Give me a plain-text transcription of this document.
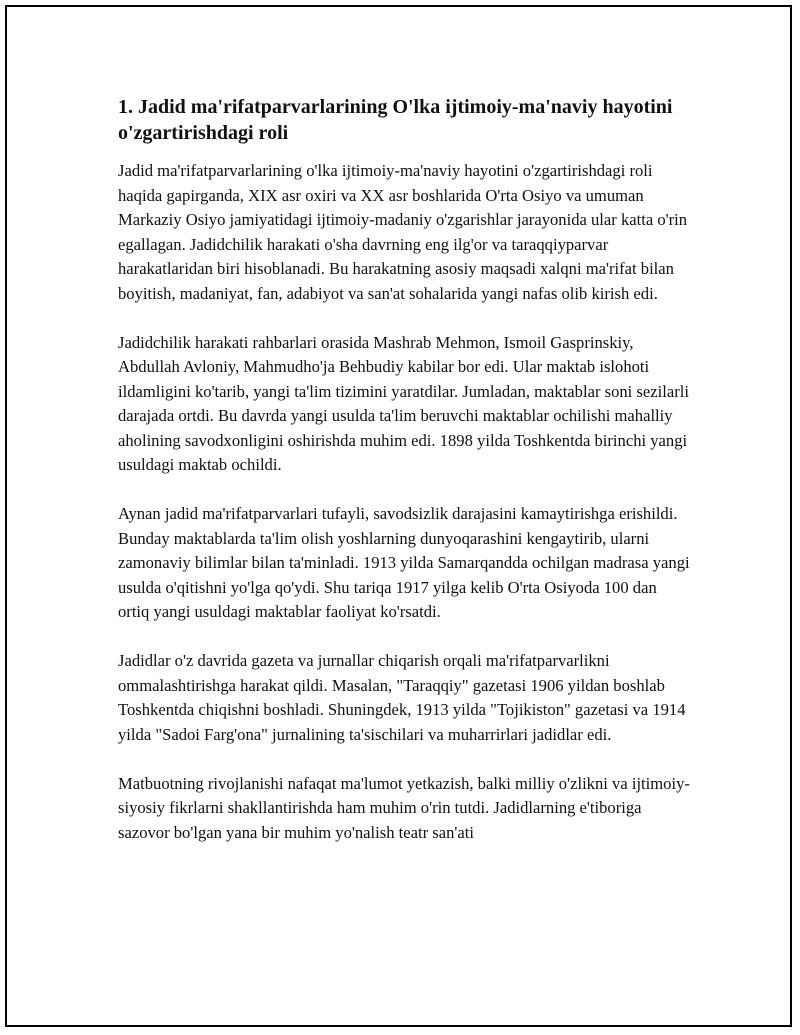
1. Jadid ma'rifatparvarlarining O'lka ijtimoiy-ma'naviy hayotini o'zgartirishdagi roli

Jadid ma'rifatparvarlarining o'lka ijtimoiy-ma'naviy hayotini o'zgartirishdagi roli haqida gapirganda, XIX asr oxiri va XX asr boshlarida O'rta Osiyo va umuman Markaziy Osiyo jamiyatidagi ijtimoiy-madaniy o'zgarishlar jarayonida ular katta o'rin egallagan. Jadidchilik harakati o'sha davrning eng ilg'or va taraqqiyparvar harakatlaridan biri hisoblanadi. Bu harakatning asosiy maqsadi xalqni ma'rifat bilan boyitish, madaniyat, fan, adabiyot va san'at sohalarida yangi nafas olib kirish edi.

Jadidchilik harakati rahbarlari orasida Mashrab Mehmon, Ismoil Gasprinskiy, Abdullah Avloniy, Mahmudho'ja Behbudiy kabilar bor edi. Ular maktab islohoti ildamligini ko'tarib, yangi ta'lim tizimini yaratdilar. Jumladan, maktablar soni sezilarli darajada ortdi. Bu davrda yangi usulda ta'lim beruvchi maktablar ochilishi mahalliy aholining savodxonligini oshirishda muhim edi. 1898 yilda Toshkentda birinchi yangi usuldagi maktab ochildi.

Aynan jadid ma'rifatparvarlari tufayli, savodsizlik darajasini kamaytirishga erishildi. Bunday maktablarda ta'lim olish yoshlarning dunyoqarashini kengaytirib, ularni zamonaviy bilimlar bilan ta'minladi. 1913 yilda Samarqandda ochilgan madrasa yangi usulda o'qitishni yo'lga qo'ydi. Shu tariqa 1917 yilga kelib O'rta Osiyoda 100 dan ortiq yangi usuldagi maktablar faoliyat ko'rsatdi.

Jadidlar o'z davrida gazeta va jurnallar chiqarish orqali ma'rifatparvarlikni ommalashtirishga harakat qildi. Masalan, "Taraqqiy" gazetasi 1906 yildan boshlab Toshkentda chiqishni boshladi. Shuningdek, 1913 yilda "Tojikiston" gazetasi va 1914 yilda "Sadoi Farg'ona" jurnalining ta'sischilari va muharrirlari jadidlar edi.

Matbuotning rivojlanishi nafaqat ma'lumot yetkazish, balki milliy o'zlikni va ijtimoiy-siyosiy fikrlarni shakllantirishda ham muhim o'rin tutdi. Jadidlarning e'tiboriga sazovor bo'lgan yana bir muhim yo'nalish teatr san'ati
